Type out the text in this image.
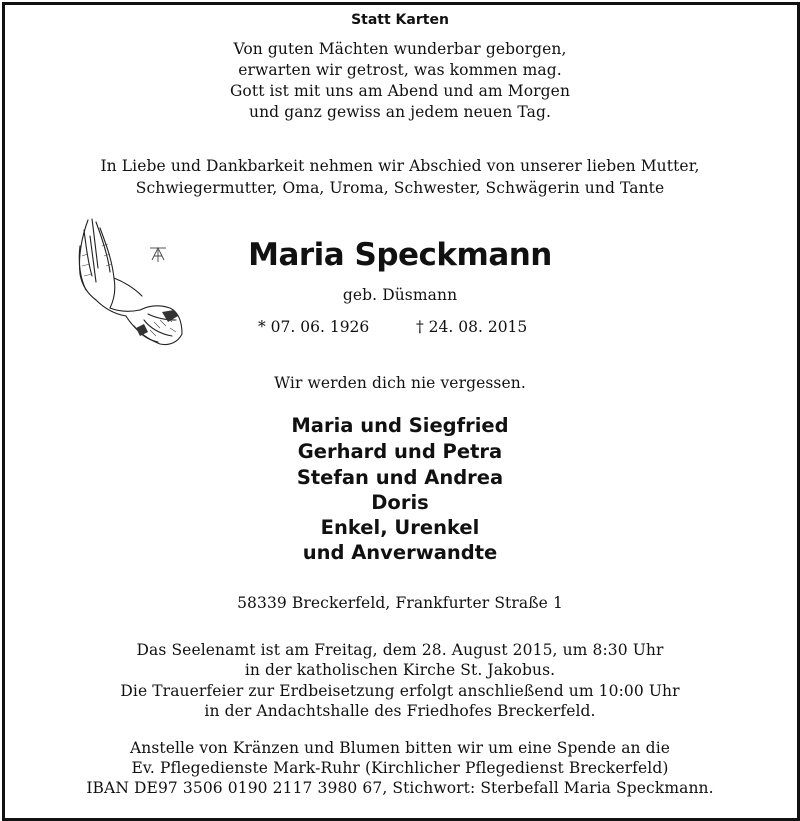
Statt Karten
Von guten Mächten wunderbar geborgen,
erwarten wir getrost, was kommen mag.
Gott ist mit uns am Abend und am Morgen
und ganz gewiss an jedem neuen Tag.
In Liebe und Dankbarkeit nehmen wir Abschied von unserer lieben Mutter,
Schwiegermutter, Oma, Uroma, Schwester, Schwägerin und Tante
Maria Speckmann
geb. Düsmann
* 07. 06. 1926	† 24. 08. 2015
Wir werden dich nie vergessen.
Maria und Siegfried
Gerhard und Petra
Stefan und Andrea
Doris
Enkel, Urenkel
und Anverwandte
58339 Breckerfeld, Frankfurter Straße 1
Das Seelenamt ist am Freitag, dem 28. August 2015, um 8:30 Uhr
in der katholischen Kirche St. Jakobus.
Die Trauerfeier zur Erdbeisetzung erfolgt anschließend um 10:00 Uhr
in der Andachtshalle des Friedhofes Breckerfeld.
Anstelle von Kränzen und Blumen bitten wir um eine Spende an die
Ev. Pflegedienste Mark-Ruhr (Kirchlicher Pflegedienst Breckerfeld)
IBAN DE97 3506 0190 2117 3980 67, Stichwort: Sterbefall Maria Speckmann.
